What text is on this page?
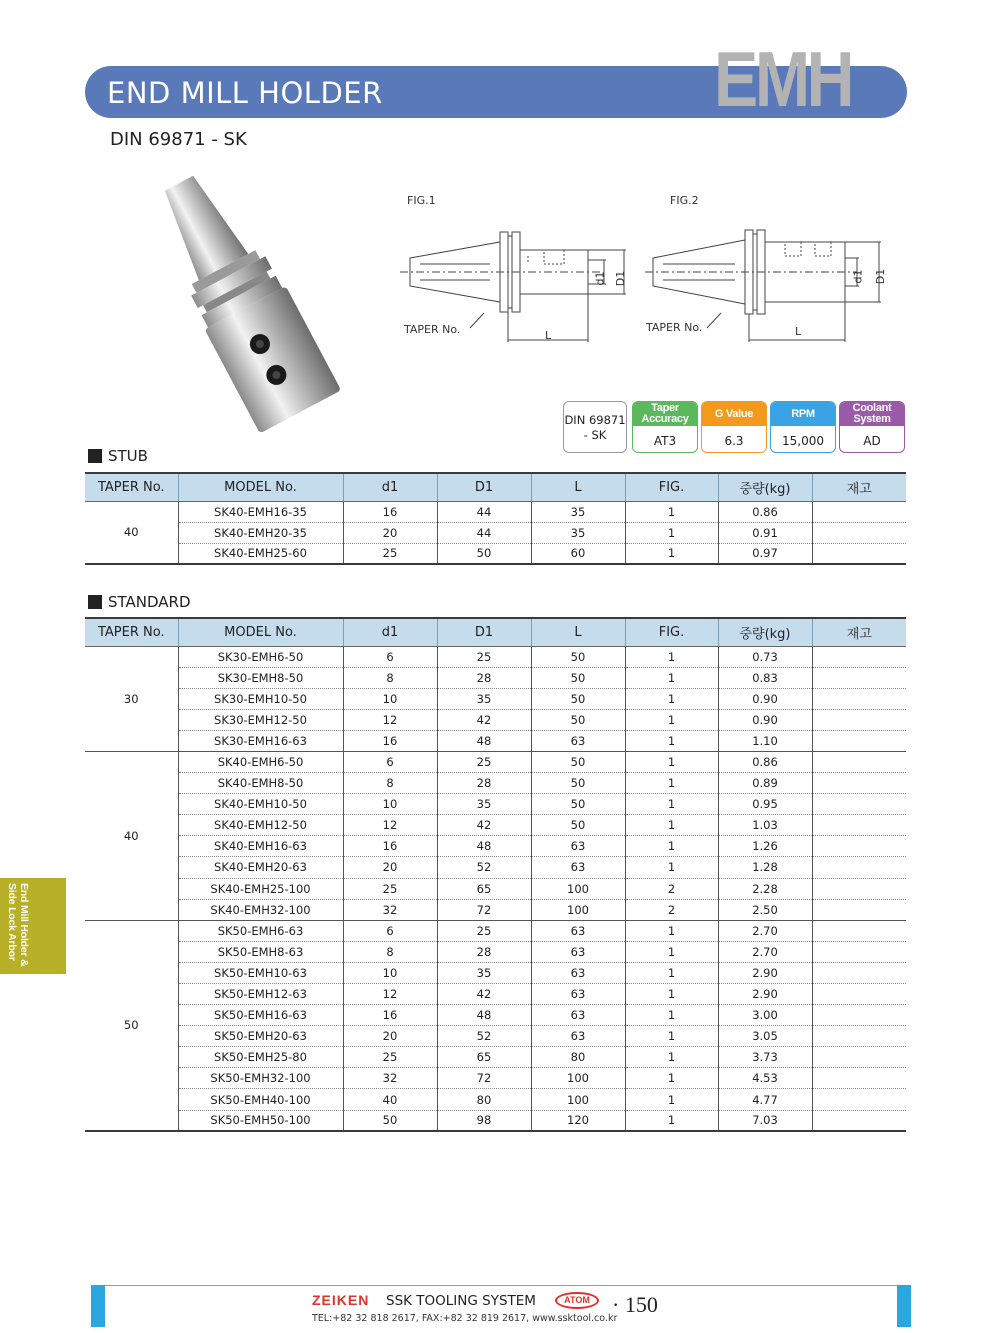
END MILL HOLDER	EMH
DIN 69871 - SK
FIG.1
TAPER No.	L
d1 D1
FIG.2
TAPER No.	L
d1 D1
DIN 69871
- SK
Taper
Accuracy
AT3
G Value
6.3
RPM
15,000
Coolant
System
AD
STUB
TAPER No.	MODEL No.	d1	D1	L	FIG.	중량(kg)	재고
40	SK40-EMH16-35	16	44	35	1	0.86	
	SK40-EMH20-35	20	44	35	1	0.91	
	SK40-EMH25-60	25	50	60	1	0.97	
STANDARD
TAPER No.	MODEL No.	d1	D1	L	FIG.	중량(kg)	재고
30	SK30-EMH6-50	6	25	50	1	0.73	
	SK30-EMH8-50	8	28	50	1	0.83	
	SK30-EMH10-50	10	35	50	1	0.90	
	SK30-EMH12-50	12	42	50	1	0.90	
	SK30-EMH16-63	16	48	63	1	1.10	
40	SK40-EMH6-50	6	25	50	1	0.86	
	SK40-EMH8-50	8	28	50	1	0.89	
	SK40-EMH10-50	10	35	50	1	0.95	
	SK40-EMH12-50	12	42	50	1	1.03	
	SK40-EMH16-63	16	48	63	1	1.26	
	SK40-EMH20-63	20	52	63	1	1.28	
	SK40-EMH25-100	25	65	100	2	2.28	
	SK40-EMH32-100	32	72	100	2	2.50	
50	SK50-EMH6-63	6	25	63	1	2.70	
	SK50-EMH8-63	8	28	63	1	2.70	
	SK50-EMH10-63	10	35	63	1	2.90	
	SK50-EMH12-63	12	42	63	1	2.90	
	SK50-EMH16-63	16	48	63	1	3.00	
	SK50-EMH20-63	20	52	63	1	3.05	
	SK50-EMH25-80	25	65	80	1	3.73	
	SK50-EMH32-100	32	72	100	1	4.53	
	SK50-EMH40-100	40	80	100	1	4.77	
	SK50-EMH50-100	50	98	120	1	7.03	
End Mill Holder &
Side Lock Arbor
ZEIKEN SSK TOOLING SYSTEM	ATOM	· 150
TEL:+82 32 818 2617, FAX:+82 32 819 2617, www.ssktool.co.kr
